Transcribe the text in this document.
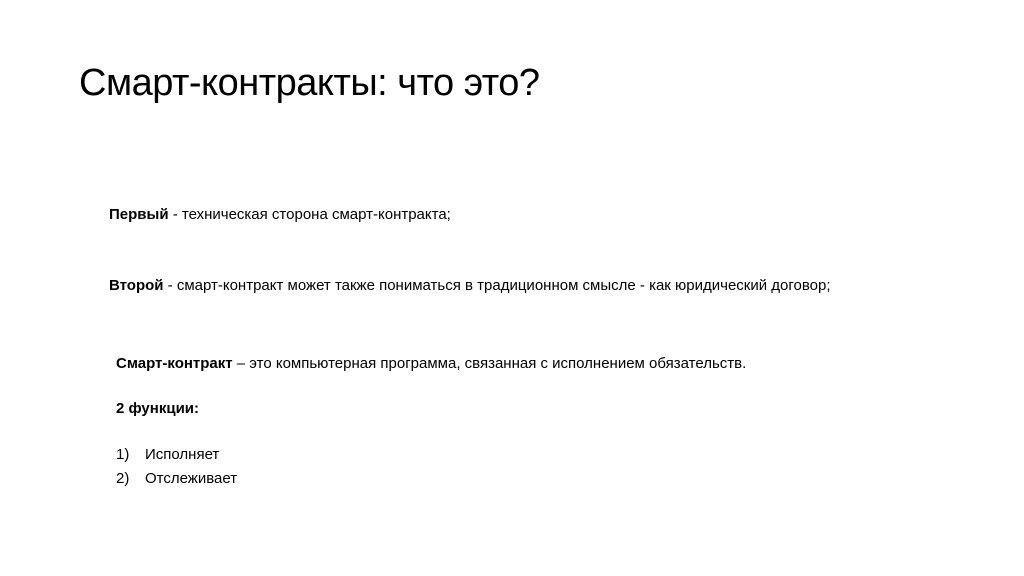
Смарт-контракты: что это?
Первый - техническая сторона смарт-контракта;
Второй - смарт-контракт может также пониматься в традиционном смысле - как юридический договор;
Смарт-контракт – это компьютерная программа, связанная с исполнением обязательств.
2 функции:
1) Исполняет
2) Отслеживает
